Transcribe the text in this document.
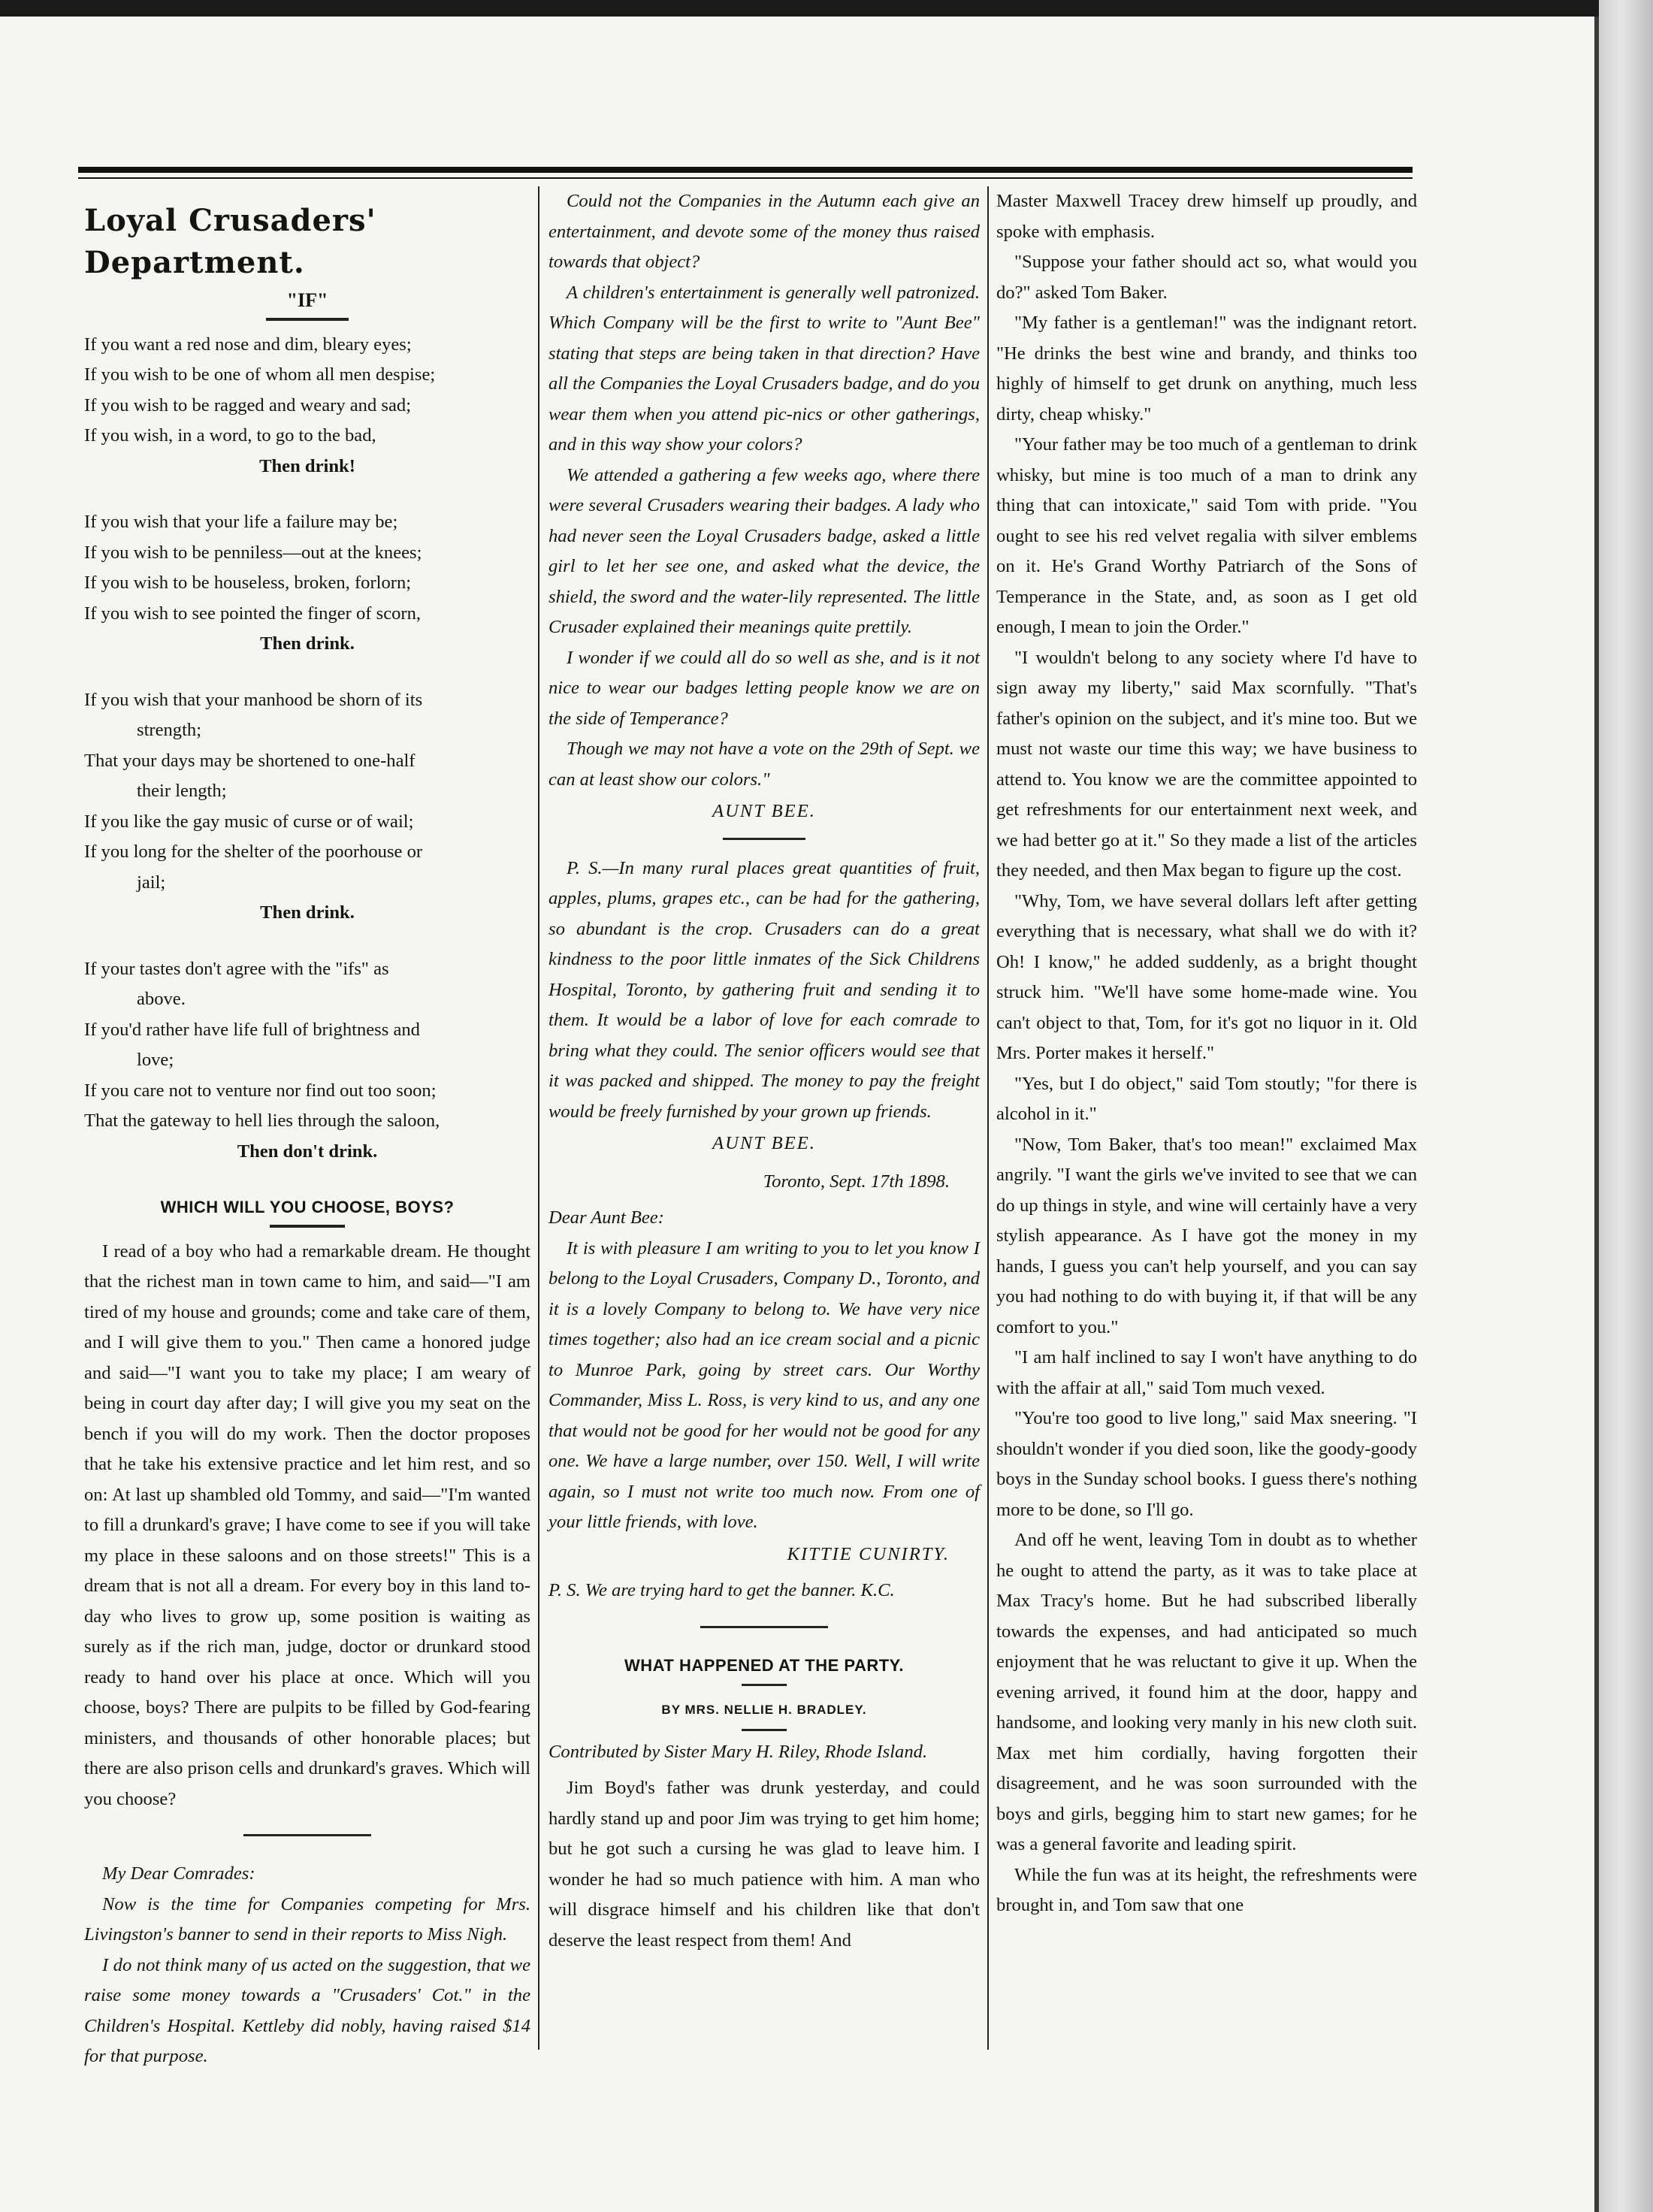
Loyal Crusaders' Department.
"IF"

If you want a red nose and dim, bleary eyes;

If you wish to be one of whom all men despise;

If you wish to be ragged and weary and sad;

If you wish, in a word, to go to the bad,

Then drink!

If you wish that your life a failure may be;

If you wish to be penniless—out at the knees;

If you wish to be houseless, broken, forlorn;

If you wish to see pointed the finger of scorn,

Then drink.

If you wish that your manhood be shorn of its

strength;

That your days may be shortened to one-half

their length;

If you like the gay music of curse or of wail;

If you long for the shelter of the poorhouse or

jail;

Then drink.

If your tastes don't agree with the "ifs" as

above.

If you'd rather have life full of brightness and

love;

If you care not to venture nor find out too soon;

That the gateway to hell lies through the saloon,

Then don't drink.

WHICH WILL YOU CHOOSE, BOYS?

I read of a boy who had a remarkable dream. He thought that the richest man in town came to him, and said—"I am tired of my house and grounds; come and take care of them, and I will give them to you." Then came a honored judge and said—"I want you to take my place; I am weary of being in court day after day; I will give you my seat on the bench if you will do my work. Then the doctor proposes that he take his extensive practice and let him rest, and so on: At last up shambled old Tommy, and said—"I'm wanted to fill a drunkard's grave; I have come to see if you will take my place in these saloons and on those streets!" This is a dream that is not all a dream. For every boy in this land to-day who lives to grow up, some position is waiting as surely as if the rich man, judge, doctor or drunkard stood ready to hand over his place at once. Which will you choose, boys? There are pulpits to be filled by God-fearing ministers, and thousands of other honorable places; but there are also prison cells and drunkard's graves. Which will you choose?

My Dear Comrades:

Now is the time for Companies competing for Mrs. Livingston's banner to send in their reports to Miss Nigh.

I do not think many of us acted on the suggestion, that we raise some money towards a "Crusaders' Cot." in the Children's Hospital. Kettleby did nobly, having raised $14 for that purpose.

Could not the Companies in the Autumn each give an entertainment, and devote some of the money thus raised towards that object?

A children's entertainment is generally well patronized. Which Company will be the first to write to "Aunt Bee" stating that steps are being taken in that direction? Have all the Companies the Loyal Crusaders badge, and do you wear them when you attend pic-nics or other gatherings, and in this way show your colors?

We attended a gathering a few weeks ago, where there were several Crusaders wearing their badges. A lady who had never seen the Loyal Crusaders badge, asked a little girl to let her see one, and asked what the device, the shield, the sword and the water-lily represented. The little Crusader explained their meanings quite prettily.

I wonder if we could all do so well as she, and is it not nice to wear our badges letting people know we are on the side of Temperance?

Though we may not have a vote on the 29th of Sept. we can at least show our colors."

AUNT BEE.

P. S.—In many rural places great quantities of fruit, apples, plums, grapes etc., can be had for the gathering, so abundant is the crop. Crusaders can do a great kindness to the poor little inmates of the Sick Childrens Hospital, Toronto, by gathering fruit and sending it to them. It would be a labor of love for each comrade to bring what they could. The senior officers would see that it was packed and shipped. The money to pay the freight would be freely furnished by your grown up friends.

AUNT BEE.
Toronto, Sept. 17th 1898.

Dear Aunt Bee:

It is with pleasure I am writing to you to let you know I belong to the Loyal Crusaders, Company D., Toronto, and it is a lovely Company to belong to. We have very nice times together; also had an ice cream social and a picnic to Munroe Park, going by street cars. Our Worthy Commander, Miss L. Ross, is very kind to us, and any one that would not be good for her would not be good for any one. We have a large number, over 150. Well, I will write again, so I must not write too much now. From one of your little friends, with love.

KITTIE CUNIRTY.

P. S. We are trying hard to get the banner. K.C.

WHAT HAPPENED AT THE PARTY.
BY MRS. NELLIE H. BRADLEY.

Contributed by Sister Mary H. Riley, Rhode Island.

Jim Boyd's father was drunk yesterday, and could hardly stand up and poor Jim was trying to get him home; but he got such a cursing he was glad to leave him. I wonder he had so much patience with him. A man who will disgrace himself and his children like that don't deserve the least respect from them! And

Master Maxwell Tracey drew himself up proudly, and spoke with emphasis.

"Suppose your father should act so, what would you do?" asked Tom Baker.

"My father is a gentleman!" was the indignant retort. "He drinks the best wine and brandy, and thinks too highly of himself to get drunk on anything, much less dirty, cheap whisky."

"Your father may be too much of a gentleman to drink whisky, but mine is too much of a man to drink any thing that can intoxicate," said Tom with pride. "You ought to see his red velvet regalia with silver emblems on it. He's Grand Worthy Patriarch of the Sons of Temperance in the State, and, as soon as I get old enough, I mean to join the Order."

"I wouldn't belong to any society where I'd have to sign away my liberty," said Max scornfully. "That's father's opinion on the subject, and it's mine too. But we must not waste our time this way; we have business to attend to. You know we are the committee appointed to get refreshments for our entertainment next week, and we had better go at it." So they made a list of the articles they needed, and then Max began to figure up the cost.

"Why, Tom, we have several dollars left after getting everything that is necessary, what shall we do with it? Oh! I know," he added suddenly, as a bright thought struck him. "We'll have some home-made wine. You can't object to that, Tom, for it's got no liquor in it. Old Mrs. Porter makes it herself."

"Yes, but I do object," said Tom stoutly; "for there is alcohol in it."

"Now, Tom Baker, that's too mean!" exclaimed Max angrily. "I want the girls we've invited to see that we can do up things in style, and wine will certainly have a very stylish appearance. As I have got the money in my hands, I guess you can't help yourself, and you can say you had nothing to do with buying it, if that will be any comfort to you."

"I am half inclined to say I won't have anything to do with the affair at all," said Tom much vexed.

"You're too good to live long," said Max sneering. "I shouldn't wonder if you died soon, like the goody-goody boys in the Sunday school books. I guess there's nothing more to be done, so I'll go.

And off he went, leaving Tom in doubt as to whether he ought to attend the party, as it was to take place at Max Tracy's home. But he had subscribed liberally towards the expenses, and had anticipated so much enjoyment that he was reluctant to give it up. When the evening arrived, it found him at the door, happy and handsome, and looking very manly in his new cloth suit. Max met him cordially, having forgotten their disagreement, and he was soon surrounded with the boys and girls, begging him to start new games; for he was a general favorite and leading spirit.

While the fun was at its height, the refreshments were brought in, and Tom saw that one
